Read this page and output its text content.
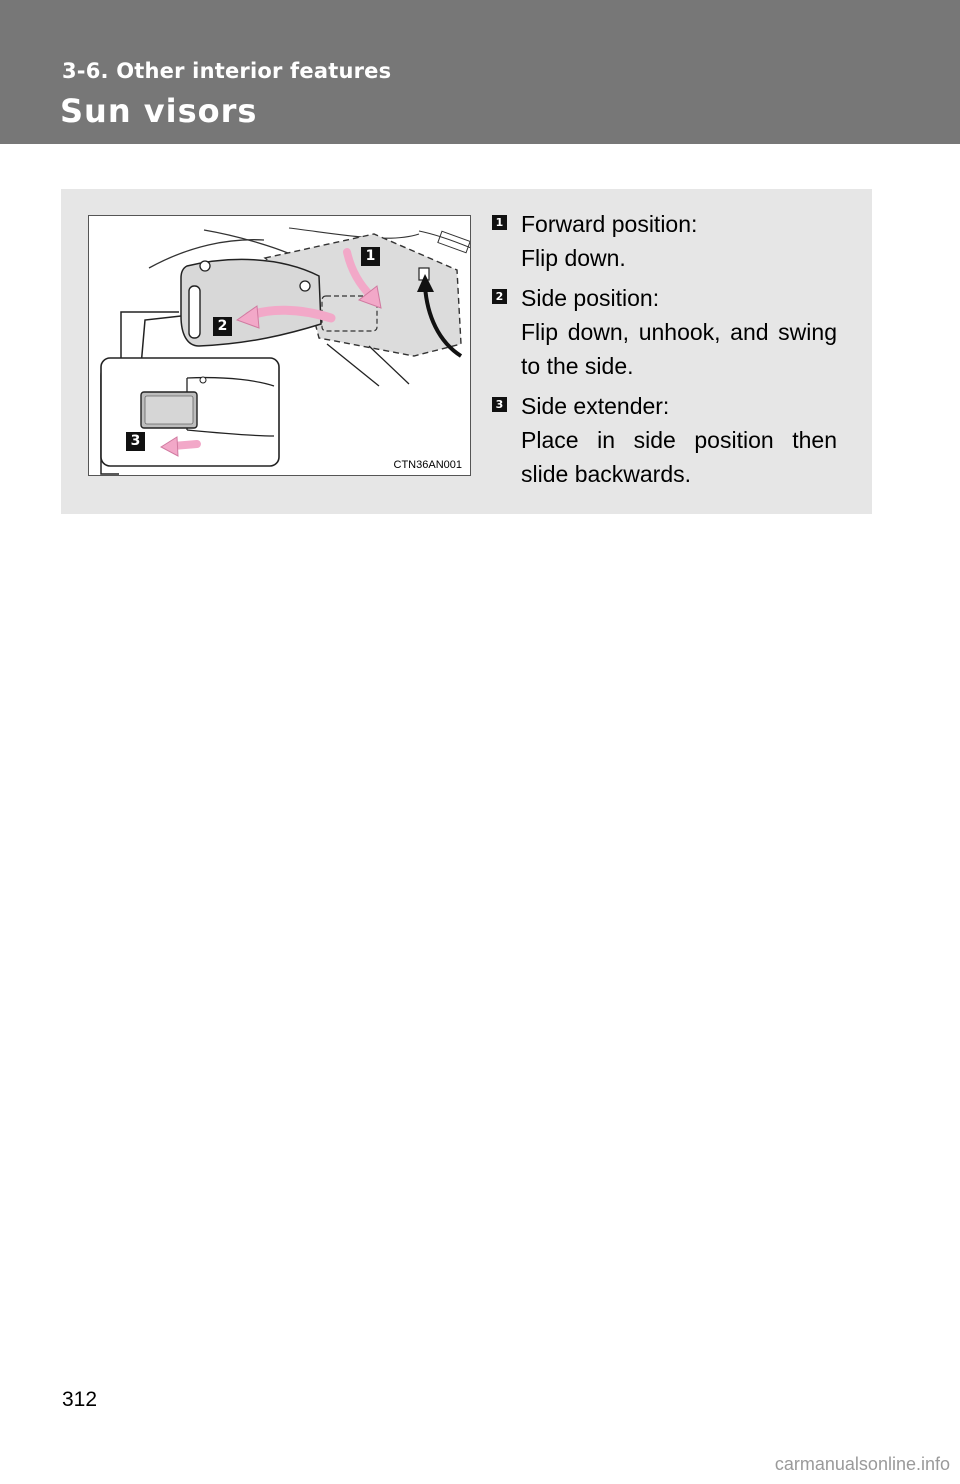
3-6. Other interior features
Sun visors
1
2
3
CTN36AN001
1 Forward position:
Flip down.
2 Side position:
Flip down, unhook, and swing to the side.
3 Side extender:
Place in side position then slide backwards.
312
carmanualsonline.info
